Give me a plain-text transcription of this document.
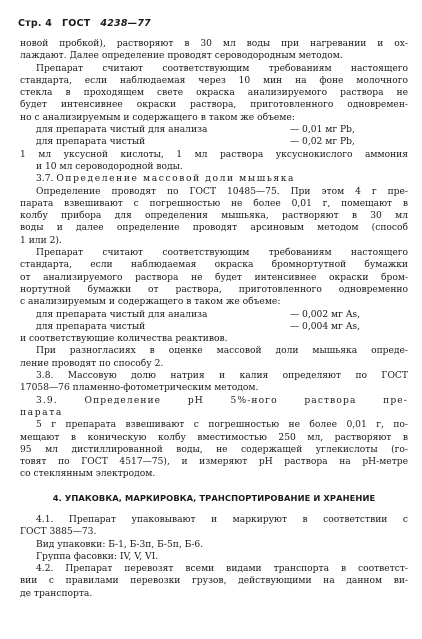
Стр. 4 ГОСТ 4238—77
новой пробкой), растворяют в 30 мл воды при нагревании и ох-
лаждают. Далее определение проводят сероводородным методом.
Препарат считают соответствующим требованиям настоящего
стандарта, если наблюдаемая через 10 мин на фоне молочного
стекла в проходящем свете окраска анализируемого раствора не
будет интенсивнее окраски раствора, приготовленного одновремен-
но с анализируемым и содержащего в таком же объеме:
для препарата чистый для анализа	— 0,01 мг Pb,
для препарата чистый	— 0,02 мг Pb,
1 мл уксусной кислоты, 1 мл раствора уксуснокислого аммония
и 10 мл сероводородной воды.
3.7. Определение массовой доли мышьяка
Определение проводят по ГОСТ 10485—75. При этом 4 г пре-
парата взвешивают с погрешностью не более 0,01 г, помещают в
колбу прибора для определения мышьяка, растворяют в 30 мл
воды и далее определение проводят арсиновым методом (способ
1 или 2).
Препарат считают соответствующим требованиям настоящего
стандарта, если наблюдаемая окраска бромнортутной бумажки
от анализируемого раствора не будет интенсивнее окраски бром-
нортутной бумажки от раствора, приготовленного одновременно
с анализируемым и содержащего в таком же объеме:
для препарата чистый для анализа	— 0,002 мг As,
для препарата чистый	— 0,004 мг As,
и соответствующие количества реактивов.
При разногласиях в оценке массовой доли мышьяка опреде-
ление проводят по способу 2.
3.8. Массовую долю натрия и калия определяют по ГОСТ
17058—76 пламенно-фотометрическим методом.
3.9. Определение pH 5%-ного раствора пре-
парата
5 г препарата взвешивают с погрешностью не более 0,01 г, по-
мещают в коническую колбу вместимостью 250 мл, растворяют в
95 мл дистиллированной воды, не содержащей углекислоты (го-
товят по ГОСТ 4517—75), и измеряют pH раствора на pH-метре
со стеклянным электродом.
4. УПАКОВКА, МАРКИРОВКА, ТРАНСПОРТИРОВАНИЕ И ХРАНЕНИЕ
4.1. Препарат упаковывают и маркируют в соответствии с
ГОСТ 3885—73.
Вид упаковки: Б-1, Б-3п, Б-5п, Б-6.
Группа фасовки: IV, V, VI.
4.2. Препарат перевозят всеми видами транспорта в соответст-
вии с правилами перевозки грузов, действующими на данном ви-
де транспорта.
